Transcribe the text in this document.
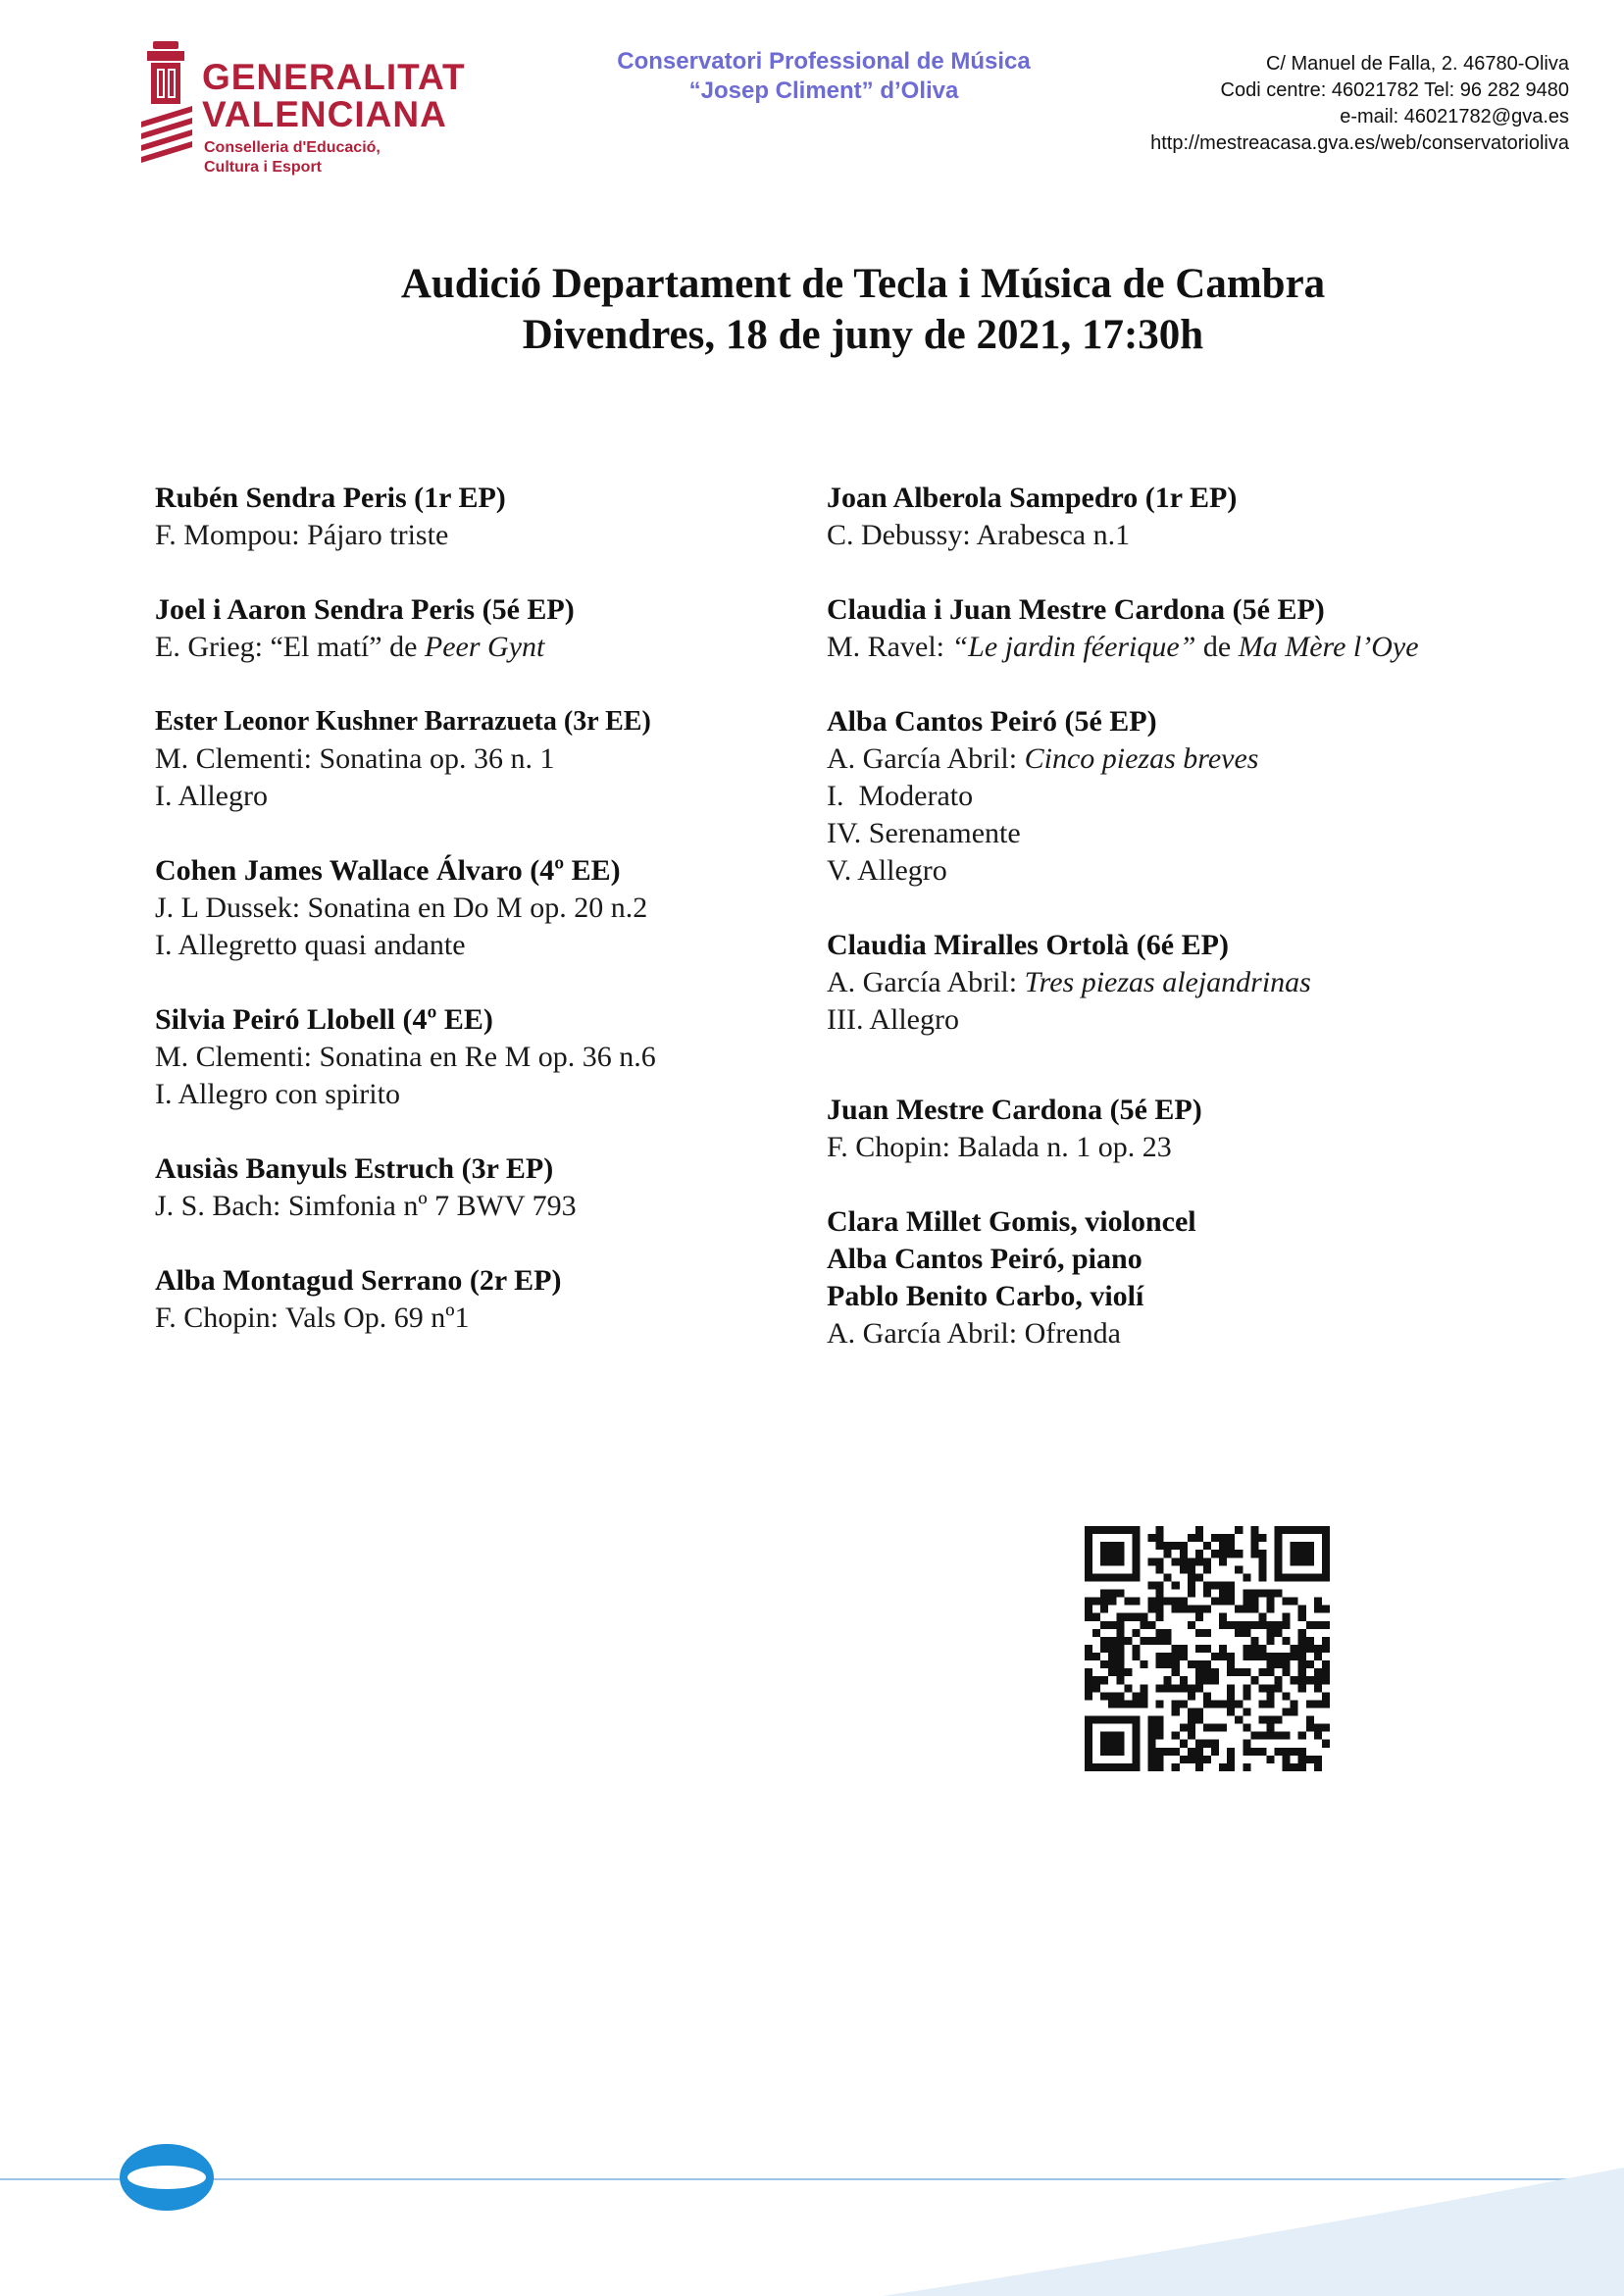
GENERALITAT
VALENCIANA
Conselleria d'Educació,
Cultura i Esport
Conservatori Professional de Música
“Josep Climent” d’Oliva
C/ Manuel de Falla, 2. 46780-Oliva
Codi centre: 46021782 Tel: 96 282 9480
e-mail: 46021782@gva.es
http://mestreacasa.gva.es/web/conservatorioliva
Audició Departament de Tecla i Música de Cambra
Divendres, 18 de juny de 2021, 17:30h
Rubén Sendra Peris (1r EP)
F. Mompou: Pájaro triste
Joel i Aaron Sendra Peris (5é EP)
E. Grieg: “El matí” de Peer Gynt
Ester Leonor Kushner Barrazueta (3r EE)
M. Clementi: Sonatina op. 36 n. 1
I. Allegro
Cohen James Wallace Álvaro (4º EE)
J. L Dussek: Sonatina en Do M op. 20 n.2
I. Allegretto quasi andante
Silvia Peiró Llobell (4º EE)
M. Clementi: Sonatina en Re M op. 36 n.6
I. Allegro con spirito
Ausiàs Banyuls Estruch (3r EP)
J. S. Bach: Simfonia nº 7 BWV 793
Alba Montagud Serrano (2r EP)
F. Chopin: Vals Op. 69 nº1
Joan Alberola Sampedro (1r EP)
C. Debussy: Arabesca n.1
Claudia i Juan Mestre Cardona (5é EP)
M. Ravel: “Le jardin féerique” de Ma Mère l’Oye
Alba Cantos Peiró (5é EP)
A. García Abril: Cinco piezas breves
I.  Moderato
IV. Serenamente
V. Allegro
Claudia Miralles Ortolà (6é EP)
A. García Abril: Tres piezas alejandrinas
III. Allegro
Juan Mestre Cardona (5é EP)
F. Chopin: Balada n. 1 op. 23
Clara Millet Gomis, violoncel
Alba Cantos Peiró, piano
Pablo Benito Carbo, violí
A. García Abril: Ofrenda
